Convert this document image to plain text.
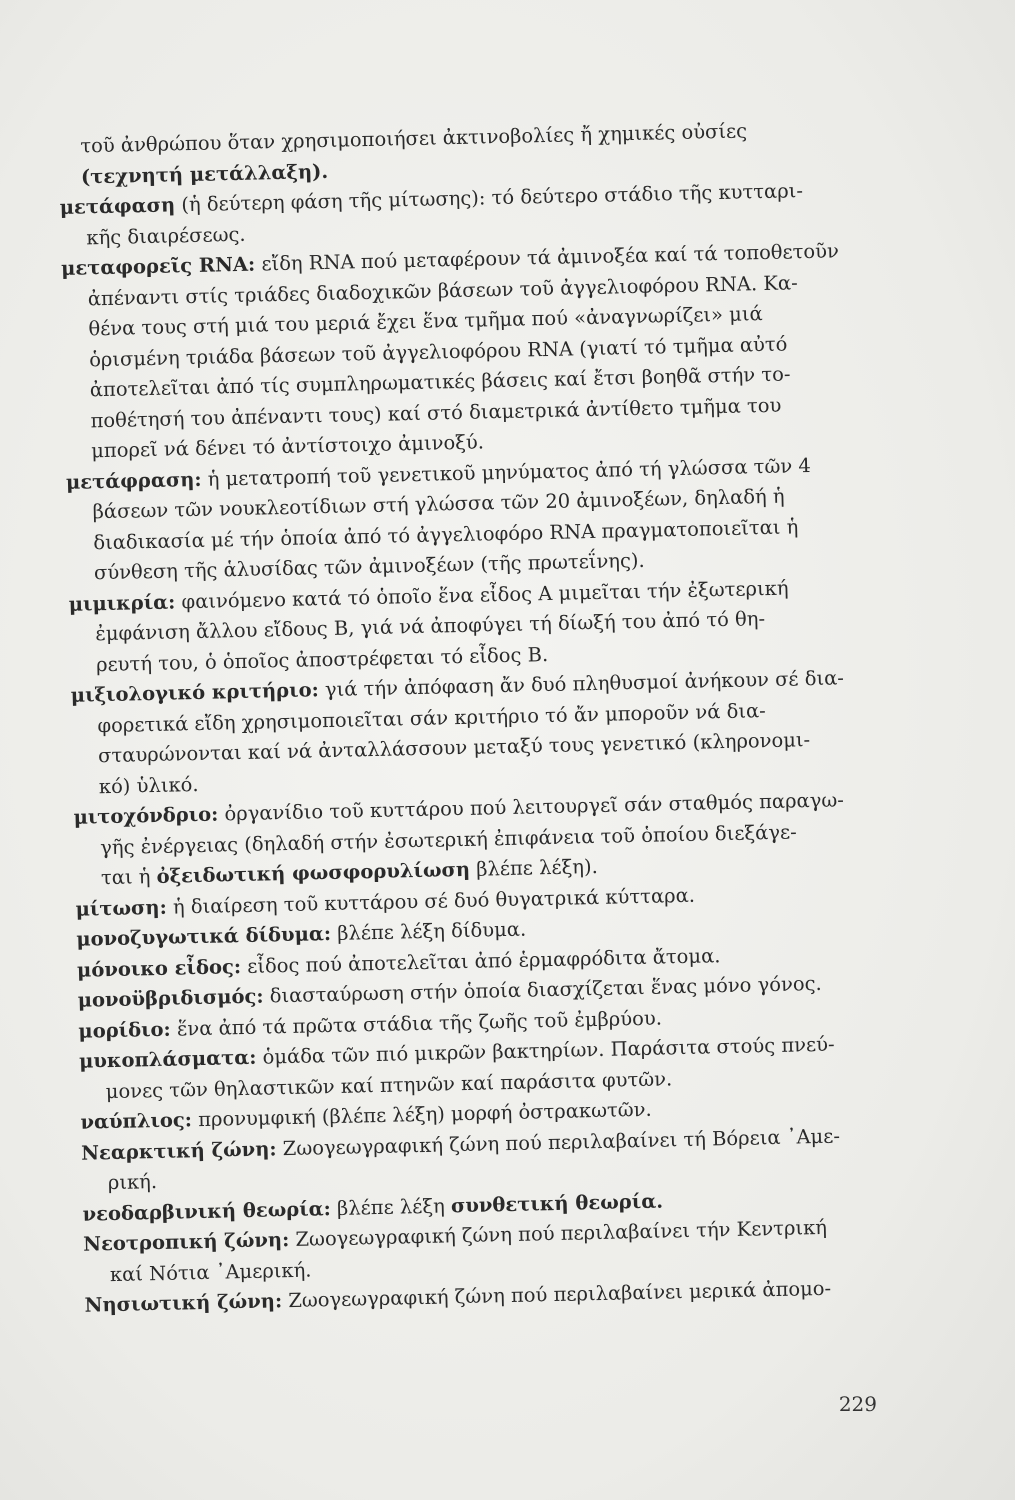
τοῦ ἀνθρώπου ὅταν χρησιμοποιήσει ἀκτινοβολίες ἤ χημικές οὐσίες
(τεχνητή μετάλλαξη).

μετάφαση (ἡ δεύτερη φάση τῆς μίτωσης): τό δεύτερο στάδιο τῆς κυτταρι-
κῆς διαιρέσεως.

μεταφορεῖς RNA: εἴδη RNA πού μεταφέρουν τά ἀμινοξέα καί τά τοποθετοῦν
ἀπέναντι στίς τριάδες διαδοχικῶν βάσεων τοῦ ἀγγελιοφόρου RNA. Κα-
θένα τους στή μιά του μεριά ἔχει ἕνα τμῆμα πού «ἀναγνωρίζει» μιά
ὁρισμένη τριάδα βάσεων τοῦ ἀγγελιοφόρου RNA (γιατί τό τμῆμα αὐτό
ἀποτελεῖται ἀπό τίς συμπληρωματικές βάσεις καί ἔτσι βοηθᾶ στήν το-
ποθέτησή του ἀπέναντι τους) καί στό διαμετρικά ἀντίθετο τμῆμα του
μπορεῖ νά δένει τό ἀντίστοιχο ἀμινοξύ.

μετάφραση: ἡ μετατροπή τοῦ γενετικοῦ μηνύματος ἀπό τή γλώσσα τῶν 4
βάσεων τῶν νουκλεοτίδιων στή γλώσσα τῶν 20 ἀμινοξέων, δηλαδή ἡ
διαδικασία μέ τήν ὁποία ἀπό τό ἀγγελιοφόρο RNA πραγματοποιεῖται ἡ
σύνθεση τῆς ἁλυσίδας τῶν ἀμινοξέων (τῆς πρωτεΐνης).

μιμικρία: φαινόμενο κατά τό ὁποῖο ἕνα εἶδος Α μιμεῖται τήν ἐξωτερική
ἐμφάνιση ἄλλου εἴδους Β, γιά νά ἀποφύγει τή δίωξή του ἀπό τό θη-
ρευτή του, ὁ ὁποῖος ἀποστρέφεται τό εἶδος Β.

μιξιολογικό κριτήριο: γιά τήν ἀπόφαση ἄν δυό πληθυσμοί ἀνήκουν σέ δια-
φορετικά εἴδη χρησιμοποιεῖται σάν κριτήριο τό ἄν μποροῦν νά δια-
σταυρώνονται καί νά ἀνταλλάσσουν μεταξύ τους γενετικό (κληρονομι-
κό) ὑλικό.

μιτοχόνδριο: ὀργανίδιο τοῦ κυττάρου πού λειτουργεῖ σάν σταθμός παραγω-
γῆς ἐνέργειας (δηλαδή στήν ἐσωτερική ἐπιφάνεια τοῦ ὁποίου διεξάγε-
ται ἡ ὀξειδωτική φωσφορυλίωση βλέπε λέξη).

μίτωση: ἡ διαίρεση τοῦ κυττάρου σέ δυό θυγατρικά κύτταρα.

μονοζυγωτικά δίδυμα: βλέπε λέξη δίδυμα.

μόνοικο εἶδος: εἶδος πού ἀποτελεῖται ἀπό ἑρμαφρόδιτα ἄτομα.

μονοϋβριδισμός: διασταύρωση στήν ὁποία διασχίζεται ἕνας μόνο γόνος.

μορίδιο: ἕνα ἀπό τά πρῶτα στάδια τῆς ζωῆς τοῦ ἐμβρύου.

μυκοπλάσματα: ὁμάδα τῶν πιό μικρῶν βακτηρίων. Παράσιτα στούς πνεύ-
μονες τῶν θηλαστικῶν καί πτηνῶν καί παράσιτα φυτῶν.

ναύπλιος: προνυμφική (βλέπε λέξη) μορφή ὀστρακωτῶν.

Νεαρκτική ζώνη: Ζωογεωγραφική ζώνη πού περιλαβαίνει τή Βόρεια ᾿Αμε-
ρική.

νεοδαρβινική θεωρία: βλέπε λέξη συνθετική θεωρία.

Νεοτροπική ζώνη: Ζωογεωγραφική ζώνη πού περιλαβαίνει τήν Κεντρική
καί Νότια ᾿Αμερική.

Νησιωτική ζώνη: Ζωογεωγραφική ζώνη πού περιλαβαίνει μερικά ἀπομο-

229
